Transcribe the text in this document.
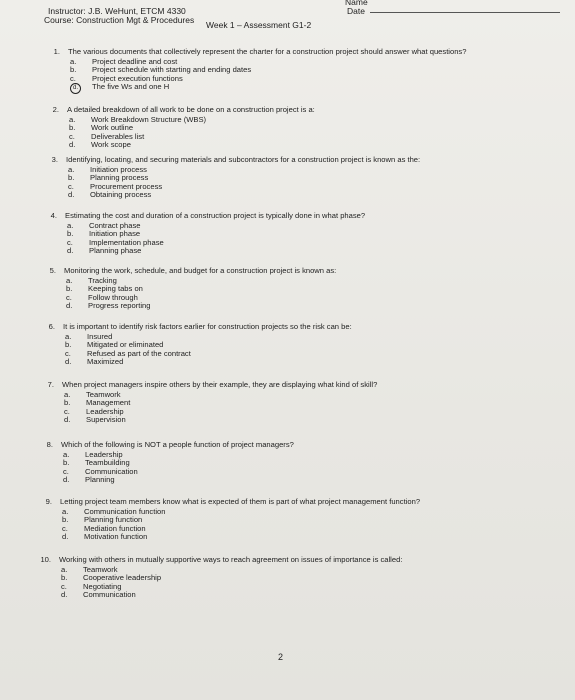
Instructor: J.B. WeHunt, ETCM 4330
Course: Construction Mgt & Procedures Week 1 – Assessment G1-2
Name
Date
1. The various documents that collectively represent the charter for a construction project should answer what questions?
a.	Project deadline and cost
b.	Project schedule with starting and ending dates
c.	Project execution functions
d.	The five Ws and one H
2. A detailed breakdown of all work to be done on a construction project is a:
a.	Work Breakdown Structure (WBS)
b.	Work outline
c.	Deliverables list
d.	Work scope
3. Identifying, locating, and securing materials and subcontractors for a construction project is known as the:
a.	Initiation process
b.	Planning process
c.	Procurement process
d.	Obtaining process
4. Estimating the cost and duration of a construction project is typically done in what phase?
a.	Contract phase
b.	Initiation phase
c.	Implementation phase
d.	Planning phase
5. Monitoring the work, schedule, and budget for a construction project is known as:
a.	Tracking
b.	Keeping tabs on
c.	Follow through
d.	Progress reporting
6. It is important to identify risk factors earlier for construction projects so the risk can be:
a.	Insured
b.	Mitigated or eliminated
c.	Refused as part of the contract
d.	Maximized
7. When project managers inspire others by their example, they are displaying what kind of skill?
a.	Teamwork
b.	Management
c.	Leadership
d.	Supervision
8. Which of the following is NOT a people function of project managers?
a.	Leadership
b.	Teambuilding
c.	Communication
d.	Planning
9. Letting project team members know what is expected of them is part of what project management function?
a.	Communication function
b.	Planning function
c.	Mediation function
d.	Motivation function
10. Working with others in mutually supportive ways to reach agreement on issues of importance is called:
a.	Teamwork
b.	Cooperative leadership
c.	Negotiating
d.	Communication
2
